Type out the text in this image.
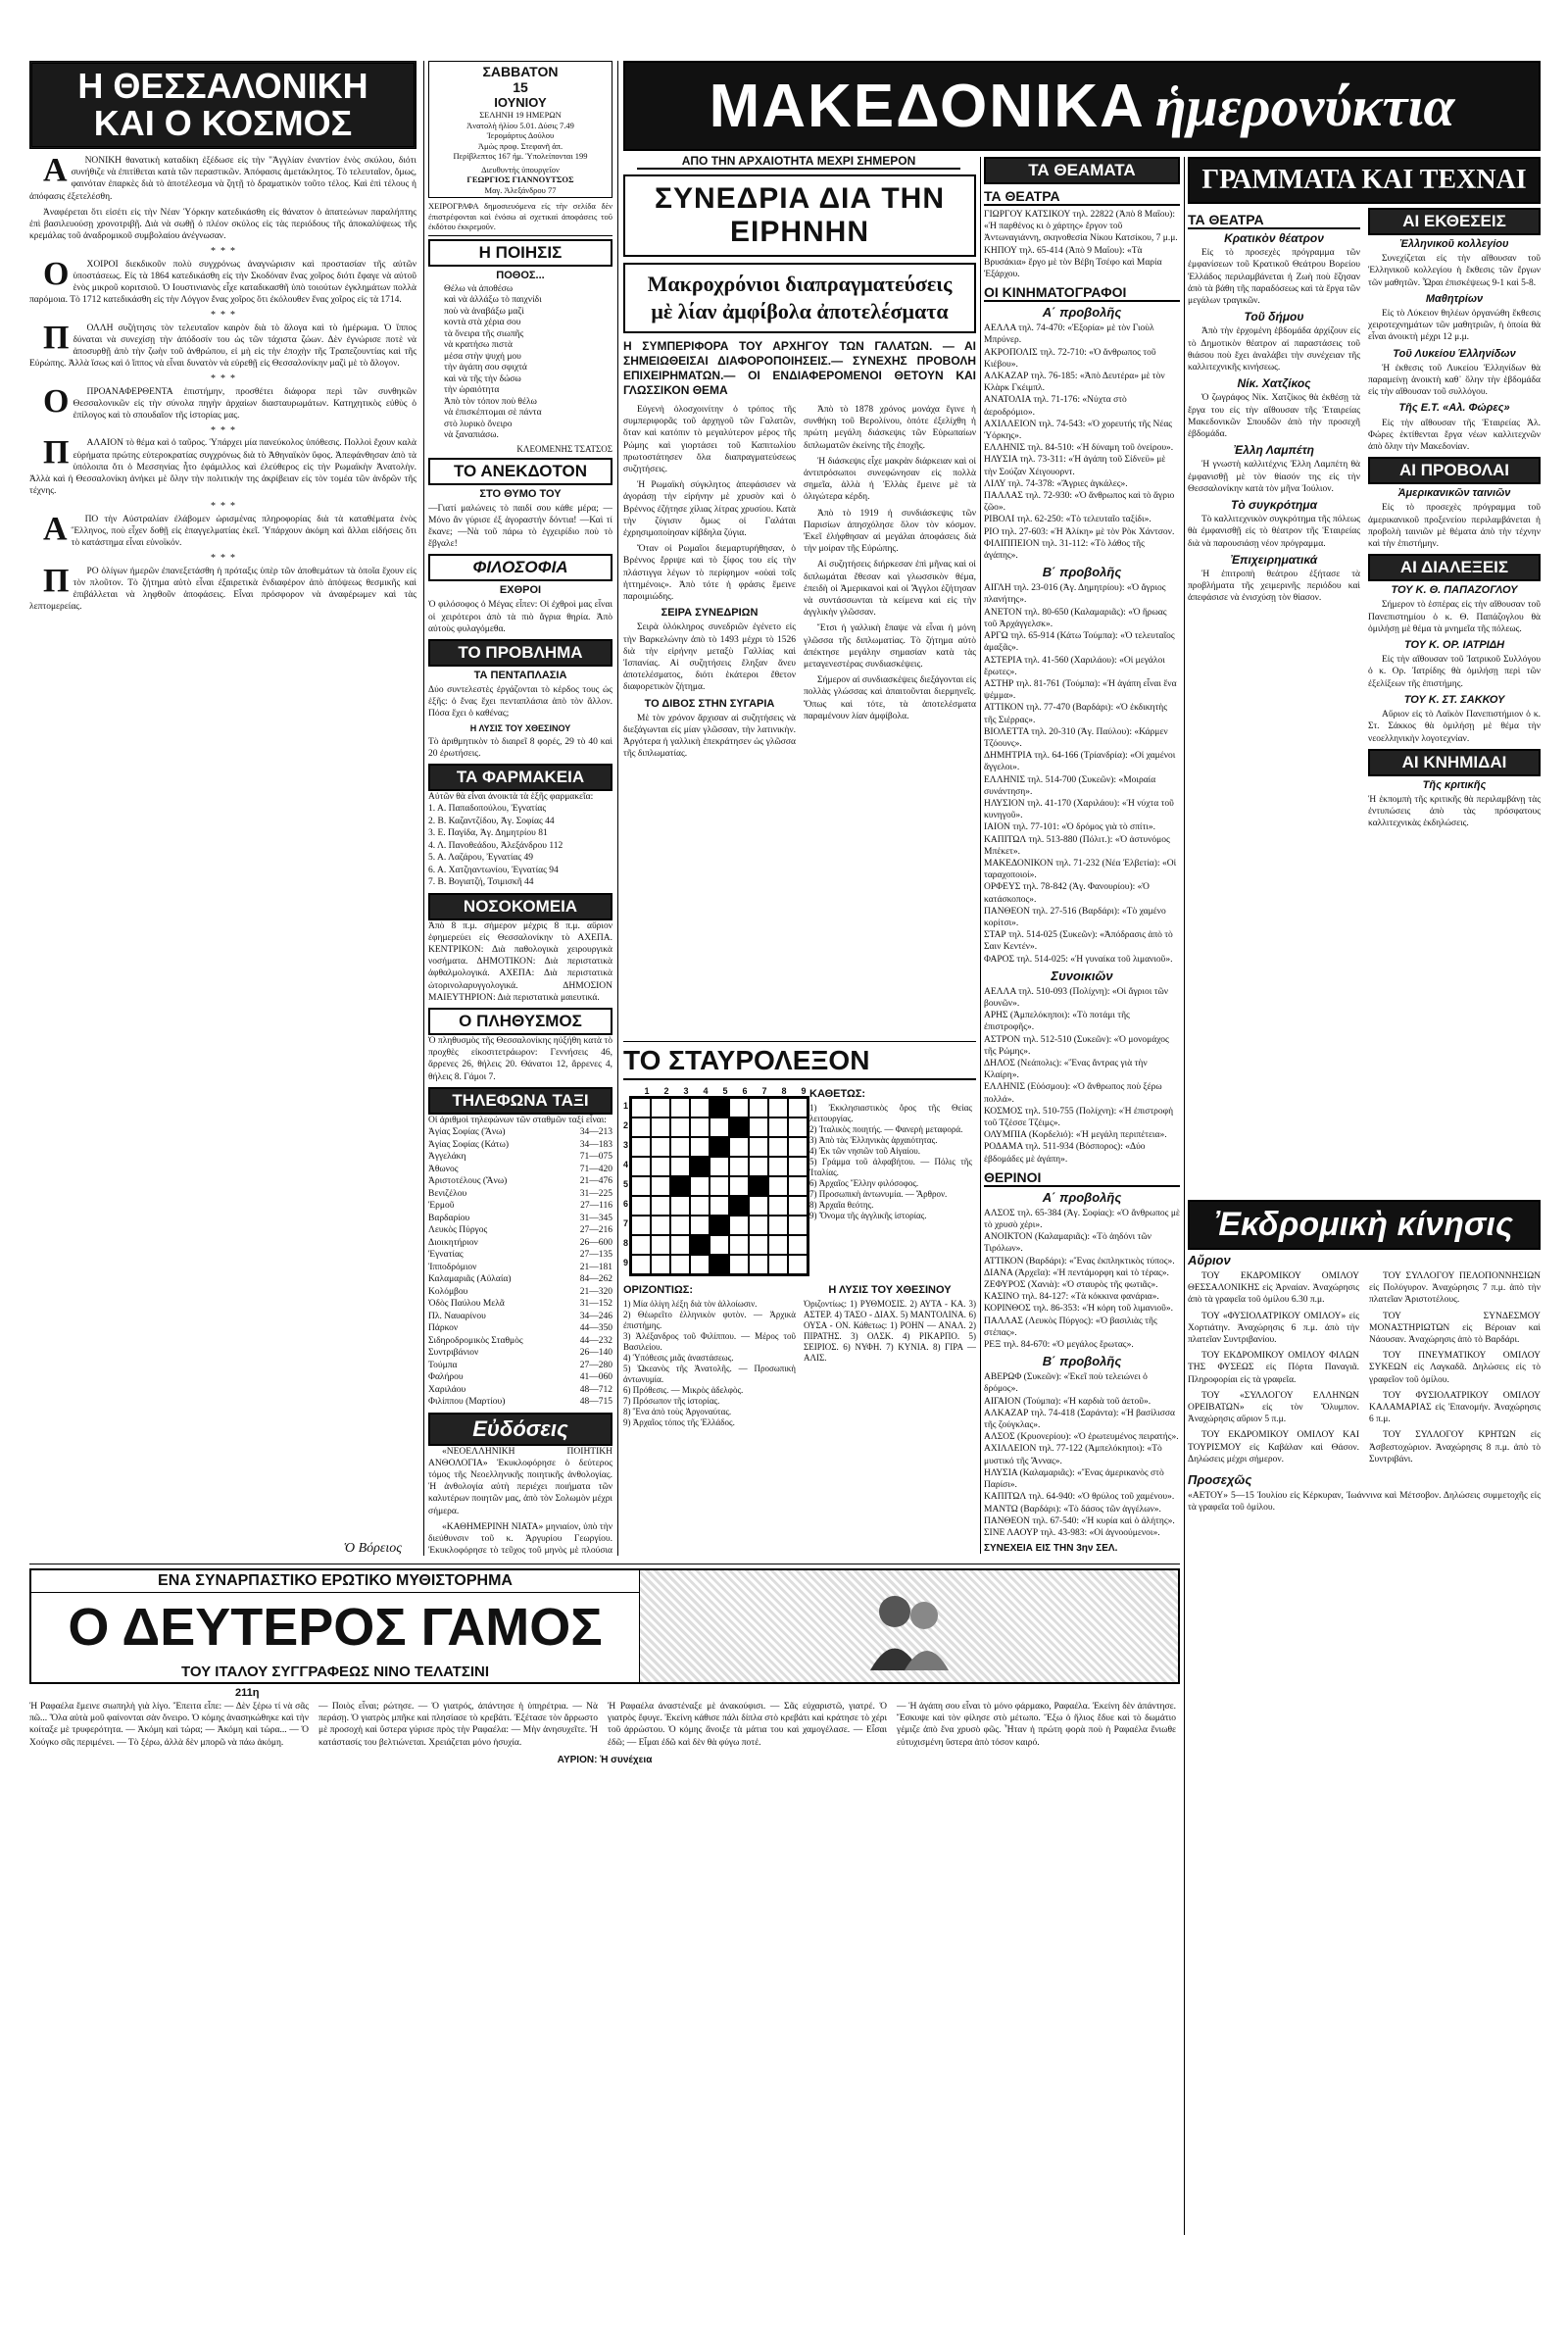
Η ΘΕΣΣΑΛΟΝΙΚΗ
ΚΑΙ Ο ΚΟΣΜΟΣ

ΑΝΟΝΙΚΗ θανατικὴ καταδίκη ἐξέδωσε εἰς τὴν "Ἀγγλίαν ἐναντίον ἑνὸς σκύλου, διότι συνήθιζε νὰ ἐπιτίθεται κατὰ τῶν περαστικῶν. Ἀπόφασις ἀμετάκλητος. Τὸ τελευταῖον, ὅμως, φαινόταν ἐπαρκὲς διὰ τὸ ἀποτέλεσμα νὰ ζητῇ τὸ δραματικὸν τοῦτο τέλος. Καὶ ἐπὶ τέλους ἡ ἀπόφασις ἐξετελέσθη.

Ἀναφέρεται ὅτι εἰσέτι εἰς τὴν Νέαν Ὑόρκην κατεδικάσθη εἰς θάνατον ὁ ἀπατεώνων παραλήπτης ἐπὶ βασιλευούσῃ χρονοτριβῇ. Διὰ νὰ σωθῇ ὁ πλέον σκύλος εἰς τὰς περιόδους τῆς ἀποκαλύψεως τῆς κρεμάλας τοῦ ἀναδρομικοῦ συμβολαίου ἀνέγνωσαν.

*  *  *

ΟΧΟΙΡΟΙ διεκδικοῦν πολὺ συγχρόνως ἀναγνώρισιν καὶ προστασίαν τῆς αὐτῶν ὑποστάσεως. Εἰς τὰ 1864 κατεδικάσθη εἰς τὴν Σκοδόναν ἕνας χοῖρος διότι ἔφαγε νὰ αὐτοῦ ἑνὸς μικροῦ κοριτσιοῦ. Ὁ Ιουστινιανὸς εἶχε καταδικασθῆ ὑπὸ τοιούτων ἐγκλημάτων πολλὰ παρόμοια. Τὸ 1712 κατεδικάσθη εἰς τὴν Λόγγον ἕνας χοῖρος ὅτι ἐκόλουθεν ἕνας χοῖρος εἰς τὰ 1714.

*  *  *

ΠΟΛΛΗ συζήτησις τὸν τελευταῖον καιρὸν διὰ τὸ ἄλογα καὶ τὸ ἡμέρωμα. Ὁ ἴππος δύναται νὰ συνεχίσῃ τὴν ἀπόδοσίν του ὡς τῶν τάχιστα ζώων. Δὲν ἐγνώρισε ποτὲ νὰ ἀποσυρθῇ ἀπὸ τὴν ζωὴν τοῦ ἀνθρώπου, εἰ μὴ εἰς τὴν ἐποχὴν τῆς Τραπεζουντίας καὶ τῆς Εὐρώπης. Ἀλλὰ ἴσως καὶ ὁ ἵππος νὰ εἶναι δυνατὸν νὰ εὑρεθῇ εἰς Θεσσαλονίκην μαζὶ μὲ τὸ ἄλογον.

*  *  *

ΟΠΡΟΑΝΑΦΕΡΘΕΝΤΑ ἐπιστήμην, προσθέτει διάφορα περὶ τῶν συνθηκῶν Θεσσαλονικῶν εἰς τὴν σύνολα πηγὴν ἀρχαίων διασταυρωμάτων. Κατηχητικὸς εὐθὺς ὁ ἐπίλογος καὶ τὸ σπουδαῖον τῆς ἱστορίας μας.

*  *  *

ΠΑΛΑΙΟΝ τὸ θέμα καὶ ὁ ταῦρος. Ὑπάρχει μία πανεύκολος ὑπόθεσις. Πολλοὶ ἔχουν καλὰ εὑρήματα πρώτης εὐτεροκρατίας συγχρόνως διὰ τὸ Ἀθηναϊκὸν ὕφος. Ἀπεφάνθησαν ἀπὸ τὰ ὑπόλοιπα ὅτι ὁ Μεσσηνίας ἦτο ἐφάμιλλος καὶ ἐλεύθερος εἰς τὴν Ρωμαϊκὴν Ἀνατολὴν. Ἀλλὰ καὶ ἡ Θεσσαλονίκη ἀνήκει μὲ ὅλην τὴν πολιτικήν της ἀκρίβειαν εἰς τὸν τομέα τῶν ἀνδρῶν τῆς τέχνης.

*  *  *

ΑΠΟ τὴν Αὐστραλίαν ἐλάβομεν ὡρισμένας πληροφορίας διὰ τὰ καταθέματα ἑνὸς Ἕλληνος, ποὺ εἶχεν δοθῇ εἰς ἐπαγγελματίας ἐκεῖ. Ὑπάρχουν ἀκόμη καὶ ἄλλαι εἰδήσεις ὅτι τὸ κατάστημα εἶναι εὐνοϊκόν.

*  *  *

ΠΡΟ ὀλίγων ἡμερῶν ἐπανεξετάσθη ἡ πρόταξις ὑπὲρ τῶν ἀποθεμάτων τὰ ὁποῖα ἔχουν εἰς τὸν πλοῦτον. Τὸ ζήτημα αὐτὸ εἶναι ἐξαιρετικὰ ἐνδιαφέρον ἀπὸ ἀπόψεως θεσμικῆς καὶ ἐπιβάλλεται νὰ ληφθοῦν ἀποφάσεις. Εἶναι πρόσφορον νὰ ἀναφέρωμεν καὶ τὰς λεπτομερείας.

Ὁ Βόρειος
ΣΑΒΒΑΤΟΝ
15
ΙΟΥΝΙΟΥ
ΣΕΛΗΝΗ 19 ΗΜΕΡΩΝ
Ἀνατολὴ ἡλίου 5.01. Δύσις 7.49
Ἱερομάρτυς Δούλου
Ἀμὼς προφ. Στεφανῆ ἀπ.
Περίβλεπτος 167 ἡμ. Ὑπολείπονται 199
Διευθυντὴς ὑπουργεῖον
ΓΕΩΡΓΙΟΣ ΓΙΑΝΝΟΥΤΣΟΣ
Μαγ. Ἀλεξάνδρου 77
ΧΕΙΡΟΓΡΑΦΑ δημοσιευόμενα εἰς τὴν σελίδα δὲν ἐπιστρέφονται καὶ ἐνόσω αἱ σχετικαὶ ἀποφάσεις τοῦ ἐκδότου ἐκκρεμοῦν.
Η ΠΟΙΗΣΙΣ
ΠΟΘΟΣ...
Θέλω νὰ ἀποθέσω
καὶ νὰ ἀλλάξω τὸ παιχνίδι
ποὺ νὰ ἀναβάξω μαζὶ
κοντὰ στὰ χέρια σου
τὰ ὄνειρα τῆς σιωπῆς
νὰ κρατήσω πιστὰ
μέσα στὴν ψυχή μου
τὴν ἀγάπη σου σφιχτά
καὶ νὰ τῆς τὴν δώσω
τὴν ὡραιότητα
Ἀπὸ τὸν τόπον ποὺ θέλω
νὰ ἐπισκέπτομαι σὲ πάντα
στὸ λυρικὸ ὄνειρο
νὰ ξαναπιάσω.
ΚΛΕΟΜΕΝΗΣ ΤΣΑΤΣΟΣ
ΤΟ ΑΝΕΚΔΟΤΟΝ
ΣΤΟ ΘΥΜΟ ΤΟΥ
—Γιατί μαλώνεις τὸ παιδί σου κάθε μέρα; —Μόνο ἂν γύρισε ἐξ ἀγοραστήν δόντια! —Καὶ τί ἔκανε; —Νὰ τοῦ πάρω τὸ ἐγχειρίδιο ποὺ τὸ ἔβγαλε!
ΦΙΛΟΣΟΦΙΑ
ΕΧΘΡΟΙ
Ὁ φιλόσοφος ὁ Μέγας εἶπεν: Οἱ ἐχθροὶ μας εἶναι οἱ χειρότεροι ἀπὸ τὰ πιὸ ἄγρια θηρία. Ἀπὸ αὐτοὺς φυλαγόμεθα.
ΤΟ ΠΡΟΒΛΗΜΑ
ΤΑ ΠΕΝΤΑΠΛΑΣΙΑ
Δύο συντελεστὲς ἐργάζονται τὸ κέρδος τους ὡς ἑξῆς: ὁ ἕνας ἔχει πενταπλάσια ἀπὸ τὸν ἄλλον. Πόσα ἔχει ὁ καθένας;
Η ΛΥΣΙΣ ΤΟΥ ΧΘΕΣΙΝΟΥ
Τὸ ἀριθμητικὸν τὸ διαιρεῖ 8 φορές, 29 τὸ 40 καὶ 20 ἐρωτήσεις.
ΤΑ ΦΑΡΜΑΚΕΙΑ
Αὐτῶν θὰ εἶναι ἀνοικτὰ τὰ ἑξῆς φαρμακεῖα:
1. Α. Παπαδοπούλου, Ἐγνατίας
2. Β. Καζαντζίδου, Ἀγ. Σοφίας 44
3. Ε. Παγίδα, Ἁγ. Δημητρίου 81
4. Λ. Πανοθεάδου, Ἀλεξάνδρου 112
5. Α. Λαζάρου, Ἐγνατίας 49
6. Α. Χατζηαντωνίου, Ἐγνατίας 94
7. Β. Βογιατζή, Τσιμισκῆ 44
ΝΟΣΟΚΟΜΕΙΑ
Ἀπὸ 8 π.μ. σήμερον μέχρις 8 π.μ. αὔριον ἐφημερεύει εἰς Θεσσαλονίκην τὸ ΑΧΕΠΑ. ΚΕΝΤΡΙΚΟΝ: Διὰ παθολογικὰ χειρουργικὰ νοσήματα. ΔΗΜΟΤΙΚΟΝ: Διὰ περιστατικὰ ἀφθαλμολογικά. ΑΧΕΠΑ: Διὰ περιστατικὰ ὠτορινολαρυγγολογικά. ΔΗΜΟΣΙΟΝ ΜΑΙΕΥΤΗΡΙΟΝ: Διὰ περιστατικὰ μαιευτικά.
Ο ΠΛΗΘΥΣΜΟΣ
Ὁ πληθυσμὸς τῆς Θεσσαλονίκης ηὐξήθη κατὰ τὸ προχθὲς εἰκοσιτετράωρον: Γεννήσεις 46, ἄρρενες 26, θήλεις 20. Θάνατοι 12, ἄρρενες 4, θήλεις 8. Γάμοι 7.
ΤΗΛΕΦΩΝΑ ΤΑΞΙ
Οἱ ἀριθμοὶ τηλεφώνων τῶν σταθμῶν ταξί εἶναι:
Ἁγίας Σοφίας (Ἄνω)	34—213
Ἁγίας Σοφίας (Κάτω)	34—183
Ἀγγελάκη	71—075
Ἀθωνος	71—420
Ἀριστοτέλους (Ἄνω)	21—476
Βενιζέλου	31—225
Ἑρμοῦ	27—116
Βαρδαρίου	31—345
Λευκὸς Πύργος	27—216
Διοικητήριον	26—600
Ἐγνατίας	27—135
Ἱπποδρόμιον	21—181
Καλαμαριᾶς (Αὐλαία)	84—262
Κολόμβου	21—320
Ὀδὸς Παύλου Μελᾶ	31—152
Πλ. Ναυαρίνου	34—246
Πάρκον	44—350
Σιδηροδρομικὸς Σταθμὸς	44—232
Συντριβάνιον	26—140
Τούμπα	27—280
Φαλήρου	41—060
Χαριλάου	48—712
Φιλίππου (Μαρτίου)	48—715
Εὐδόσεις

«ΝΕΟΕΛΛΗΝΙΚΗ ΠΟΙΗΤΙΚΗ ΑΝΘΟΛΟΓΙΑ» Ἐκυκλοφόρησε ὁ δεύτερος τόμος τῆς Νεοελληνικῆς ποιητικῆς ἀνθολογίας. Ἡ ἀνθολογία αὐτὴ περιέχει ποιήματα τῶν καλυτέρων ποιητῶν μας, ἀπὸ τὸν Σολωμὸν μέχρι σήμερα.

«ΚΑΘΗΜΕΡΙΝΗ ΝΙΑΤΑ» μηνιαίον, ὑπὸ τὴν διεύθυνσιν τοῦ κ. Ἀργυρίου Γεωργίου. Ἐκυκλοφόρησε τὸ τεῦχος τοῦ μηνὸς μὲ πλούσια

ΜΑΚΕΔΟΝΙΚΑ ἡμερονύκτια
ΑΠΟ ΤΗΝ ΑΡΧΑΙΟΤΗΤΑ ΜΕΧΡΙ ΣΗΜΕΡΟΝ
ΣΥΝΕΔΡΙΑ ΔΙΑ ΤΗΝ ΕΙΡΗΝΗΝ
Μακροχρόνιοι διαπραγματεύσεις
μὲ λίαν ἀμφίβολα ἀποτελέσματα
Η ΣΥΜΠΕΡΙΦΟΡΑ ΤΟΥ ΑΡΧΗΓΟΥ ΤΩΝ ΓΑΛΑΤΩΝ. — ΑΙ ΣΗΜΕΙΩΘΕΙΣΑΙ ΔΙΑΦΟΡΟΠΟΙΗΣΕΙΣ.— ΣΥΝΕΧΗΣ ΠΡΟΒΟΛΗ ΕΠΙΧΕΙΡΗΜΑΤΩΝ.— ΟΙ ΕΝΔΙΑΦΕΡΟΜΕΝΟΙ ΘΕΤΟΥΝ ΚΑΙ ΓΛΩΣΣΙΚΟΝ ΘΕΜΑ

Εὐγενὴ ὁλοσχοινίτην ὁ τρόπος τῆς συμπεριφορᾶς τοῦ ἀρχηγοῦ τῶν Γαλατῶν, ὅταν καὶ κατόπιν τὸ μεγαλύτερον μέρος τῆς Ρώμης καὶ γιορτάσει τοῦ Καπιτωλίου πρωτοστάτησεν ὅλα διαπραγματεύσεως συζητήσεις.

Ἡ Ρωμαϊκὴ σύγκλητος ἀπεφάσισεν νὰ ἀγοράσῃ τὴν εἰρήνην μὲ χρυσὸν καὶ ὁ Βρέννος ἐζήτησε χίλιας λίτρας χρυσίου. Κατὰ τὴν ζύγισιν ὅμως οἱ Γαλάται ἐχρησιμοποίησαν κίβδηλα ζύγια.

Ὅταν οἱ Ρωμαῖοι διεμαρτυρήθησαν, ὁ Βρέννος ἔρριψε καὶ τὸ ξίφος του εἰς τὴν πλάστιγγα λέγων τὸ περίφημον «οὐαὶ τοῖς ἡττημένοις». Ἀπὸ τότε ἡ φράσις ἔμεινε παροιμιώδης.

ΣΕΙΡΑ ΣΥΝΕΔΡΙΩΝ

Σειρὰ ὁλόκληρος συνεδριῶν ἐγένετο εἰς τὴν Βαρκελώνην ἀπὸ τὸ 1493 μέχρι τὸ 1526 διὰ τὴν εἰρήνην μεταξὺ Γαλλίας καὶ Ἰσπανίας. Αἱ συζητήσεις ἔληξαν ἄνευ ἀποτελέσματος, διότι ἑκάτεροι ἔθετον διαφορετικὸν ζήτημα.

ΤΟ ΔΙΒΟΣ ΣΤΗΝ ΣΥΓΑΡΙΑ

Μὲ τὸν χρόνον ἄρχισαν αἱ συζητήσεις νὰ διεξάγωνται εἰς μίαν γλῶσσαν, τὴν λατινικὴν. Ἀργότερα ἡ γαλλικὴ ἐπεκράτησεν ὡς γλῶσσα τῆς διπλωματίας.

Ἀπὸ τὸ 1878 χρόνος μονάχα ἔγινε ἡ συνθήκη τοῦ Βερολίνου, ὁπότε ἐξελίχθη ἡ πρώτη μεγάλη διάσκεψις τῶν Εὐρωπαίων διπλωματῶν ἐκείνης τῆς ἐποχῆς.

Ἡ διάσκεψις εἶχε μακρὰν διάρκειαν καὶ οἱ ἀντιπρόσωποι συνεφώνησαν εἰς πολλὰ σημεῖα, ἀλλὰ ἡ Ἑλλὰς ἔμεινε μὲ τὰ ὀλιγώτερα κέρδη.

Ἀπὸ τὸ 1919 ἡ συνδιάσκεψις τῶν Παρισίων ἀπησχόλησε ὅλον τὸν κόσμον. Ἐκεῖ ἐλήφθησαν αἱ μεγάλαι ἀποφάσεις διὰ τὴν μοίραν τῆς Εὐρώπης.

Αἱ συζητήσεις διήρκεσαν ἐπὶ μῆνας καὶ οἱ διπλωμάται ἔθεσαν καὶ γλωσσικὸν θέμα, ἐπειδὴ οἱ Ἀμερικανοὶ καὶ οἱ Ἄγγλοι ἐζήτησαν νὰ συντάσσωνται τὰ κείμενα καὶ εἰς τὴν ἀγγλικὴν γλῶσσαν.

Ἔτσι ἡ γαλλικὴ ἔπαψε νὰ εἶναι ἡ μόνη γλῶσσα τῆς διπλωματίας. Τὸ ζήτημα αὐτὸ ἀπέκτησε μεγάλην σημασίαν κατὰ τὰς μεταγενεστέρας συνδιασκέψεις.

Σήμερον αἱ συνδιασκέψεις διεξάγονται εἰς πολλὰς γλώσσας καὶ ἀπαιτοῦνται διερμηνεῖς. Ὅπως καὶ τότε, τὰ ἀποτελέσματα παραμένουν λίαν ἀμφίβολα.

ΤΟ ΣΤΑΥΡΟΛΕΞΟΝ
1	2	3	4	5	6	7	8	9
1
2
3
4
5
6
7
8
9
ΚΑΘΕΤΩΣ:
1) Ἐκκλησιαστικὸς ὅρος τῆς Θείας λειτουργίας.
2) Ἰταλικὸς ποιητής. — Φανερὴ μεταφορά.
3) Ἀπὸ τὰς Ἑλληνικὰς ἀρχαιότητας.
4) Ἐκ τῶν νησιῶν τοῦ Αἰγαίου.
5) Γράμμα τοῦ ἀλφαβήτου. — Πόλις τῆς Ἰταλίας.
6) Ἀρχαῖος Ἕλλην φιλόσοφος.
7) Προσωπικὴ ἀντωνυμία. — Ἄρθρον.
8) Ἀρχαῖα θεότης.
9) Ὄνομα τῆς ἀγγλικῆς ἱστορίας.
ΟΡΙΖΟΝΤΙΩΣ:
1) Μία ὀλίγη λέξη διὰ τὸν ἀλλοίωσιν.
2) Θέωρεῖτο ἑλληνικὸν φυτὸν. — Ἀρχικὰ ἐπιστήμης.
3) Ἀλέξανδρος τοῦ Φιλίππου. — Μέρος τοῦ Βασιλείου.
4) Ὑπόθεσις μιᾶς ἀναστάσεως.
5) Ὠκεανὸς τῆς Ἀνατολῆς. — Προσωπικὴ ἀντωνυμία.
6) Πρόθεσις. — Μικρὸς ἀδελφὸς.
7) Πρόσωπον τῆς ἱστορίας.
8) Ἕνα ἀπὸ τοὺς Ἀργοναύτας.
9) Ἀρχαῖος τόπος τῆς Ἑλλάδος.
Η ΛΥΣΙΣ ΤΟΥ ΧΘΕΣΙΝΟΥ
Ὁριζοντίως: 1) ΡΥΘΜΟΣΙΣ. 2) ΑΥΤΑ - ΚΑ. 3) ΑΣΤΕΡ. 4) ΤΑΣΟ - ΔΙΑΧ. 5) ΜΑΝΤΟΛΙΝΑ. 6) ΟΥΣΑ - ΟΝ. Κάθετως: 1) ΡΟΗΝ — ΑΝΑΛ. 2) ΠΙΡΑΤΗΣ. 3) ΟΛΣΚ. 4) ΡΙΚΑΡΠΟ. 5) ΣΕΙΡΙΟΣ. 6) ΝΥΦΗ. 7) ΚΥΝΙΑ. 8) ΓΙΡΑ — ΑΛΙΣ.
ΤΑ ΘΕΑΜΑΤΑ
ΤΑ ΘΕΑΤΡΑ
ΓΙΩΡΓΟΥ ΚΑΤΣΙΚΟΥ τηλ. 22822 (Ἀπὸ 8 Μαΐου): «Ἡ παρθένος κι ὁ χάρτης» ἔργον τοῦ Ἀντωναγιάννη, σκηνοθεσία Νίκου Κατσίκου, 7 μ.μ.
ΚΗΠΟΥ τηλ. 65-414 (Ἀπὸ 9 Μαΐου): «Τὰ Βρυσάκια» ἔργο μὲ τὸν Βέβη Τσέφο καὶ Μαρία Ἐξάρχου.
ΟΙ ΚΙΝΗΜΑΤΟΓΡΑΦΟΙ
Α΄ προβολῆς
ΑΕΛΛΑ τηλ. 74-470: «Ἐξορία» μὲ τὸν Γιοὺλ Μπρύνερ.
ΑΚΡΟΠΟΛΙΣ τηλ. 72-710: «Ὁ ἄνθρωπος τοῦ Κιέβου».
ΑΛΚΑΖΑΡ τηλ. 76-185: «Ἀπὸ Δευτέρα» μὲ τὸν Κλὰρκ Γκέιμπλ.
ΑΝΑΤΟΛΙΑ τηλ. 71-176: «Νύχτα στὸ ἀεροδρόμιο».
ΑΧΙΛΛΕΙΟΝ τηλ. 74-543: «Ὁ χορευτής τῆς Νέας Ὑόρκης».
ΕΛΛΗΝΙΣ τηλ. 84-510: «Ἡ δύναμη τοῦ ὀνείρου».
ΗΛΥΣΙΑ τηλ. 73-311: «Ἡ ἀγάπη τοῦ Σίδνεϋ» μὲ τὴν Σούζαν Χέιγουορντ.
ΛΙΛΥ τηλ. 74-378: «Ἄγριες ἀγκάλες».
ΠΑΛΛΑΣ τηλ. 72-930: «Ὁ ἄνθρωπος καὶ τὸ ἄγριο ζῶο».
ΡΙΒΟΛΙ τηλ. 62-250: «Τὸ τελευταῖο ταξίδι».
ΡΙΟ τηλ. 27-603: «Ἡ Ἀλίκη» μὲ τὸν Ρὸκ Χάντσον.
ΦΙΛΙΠΠΕΙΟΝ τηλ. 31-112: «Τὸ λάθος τῆς ἀγάπης».
Β΄ προβολῆς
ΑΙΓΛΗ τηλ. 23-016 (Ἀγ. Δημητρίου): «Ὁ ἄγριος πλανήτης».
ΑΝΕΤΟΝ τηλ. 80-650 (Καλαμαριᾶς): «Ὁ ἥρωας τοῦ Ἀρχάγγελσκ».
ΑΡΓΩ τηλ. 65-914 (Κάτω Τούμπα): «Ὁ τελευταῖος ἀμαξᾶς».
ΑΣΤΕΡΙΑ τηλ. 41-560 (Χαριλάου): «Οἱ μεγάλοι ἔρωτες».
ΑΣΤΗΡ τηλ. 81-761 (Τούμπα): «Ἡ ἀγάπη εἶναι ἕνα ψέμμα».
ΑΤΤΙΚΟΝ τηλ. 77-470 (Βαρδάρι): «Ὁ ἐκδικητὴς τῆς Σιέρρας».
ΒΙΟΛΕΤΤΑ τηλ. 20-310 (Ἁγ. Παύλου): «Κάρμεν Τζόουνς».
ΔΗΜΗΤΡΙΑ τηλ. 64-166 (Τρίανδρία): «Οἱ χαμένοι ἄγγελοι».
ΕΛΛΗΝΙΣ τηλ. 514-700 (Συκεῶν): «Μοιραία συνάντηση».
ΗΛΥΣΙΟΝ τηλ. 41-170 (Χαριλάου): «Ἡ νύχτα τοῦ κυνηγοῦ».
ΙΑΙΟΝ τηλ. 77-101: «Ὁ δρόμος γιὰ τὸ σπίτι».
ΚΑΠΙΤΩΛ τηλ. 513-880 (Πόλιτ.): «Ὁ ἀστυνόμος Μπέκετ».
ΜΑΚΕΔΟΝΙΚΟΝ τηλ. 71-232 (Νέα Ἐλβετία): «Οἱ ταραχοποιοί».
ΟΡΦΕΥΣ τηλ. 78-842 (Ἀγ. Φανουρίου): «Ὁ κατάσκοπος».
ΠΑΝΘΕΟΝ τηλ. 27-516 (Βαρδάρι): «Τὸ χαμένο κορίτσι».
ΣΤΑΡ τηλ. 514-025 (Συκεῶν): «Ἀπόδρασις ἀπὸ τὸ Σαιν Κεντέν».
ΦΑΡΟΣ τηλ. 514-025: «Ἡ γυναίκα τοῦ λιμανιοῦ».
Συνοικιῶν
ΑΕΛΛΑ τηλ. 510-093 (Πολίχνη): «Οἱ ἄγριοι τῶν βουνῶν».
ΑΡΗΣ (Ἀμπελόκηποι): «Τὸ ποτάμι τῆς ἐπιστροφῆς».
ΑΣΤΡΟΝ τηλ. 512-510 (Συκεῶν): «Ὁ μονομάχος τῆς Ρώμης».
ΔΗΛΟΣ (Νεάπολις): «Ἕνας ἄντρας γιὰ τὴν Κλαίρη».
ΕΛΛΗΝΙΣ (Εὐόσμου): «Ὁ ἄνθρωπος ποὺ ξέρω πολλά».
ΚΟΣΜΟΣ τηλ. 510-755 (Πολίχνη): «Ἡ ἐπιστροφὴ τοῦ Τζέσσε Τζέιμς».
ΟΛΥΜΠΙΑ (Κορδελιό): «Ἡ μεγάλη περιπέτεια».
ΡΟΔΑΜΑ τηλ. 511-934 (Βόσπορος): «Δύο ἑβδομάδες μὲ ἀγάπη».
ΘΕΡΙΝΟΙ
Α΄ προβολῆς
ΑΛΣΟΣ τηλ. 65-384 (Ἀγ. Σοφίας): «Ὁ ἄνθρωπος μὲ τὸ χρυσὸ χέρι».
ΑΝΟΙΚΤΟΝ (Καλαμαριᾶς): «Τὸ ἀηδόνι τῶν Τιρόλων».
ΑΤΤΙΚΟΝ (Βαρδάρι): «Ἕνας ἐκπληκτικὸς τύπος».
ΔΙΑΝΑ (Ἀρχεῖα): «Ἡ πεντάμορφη καὶ τὸ τέρας».
ΖΕΦΥΡΟΣ (Χανιὰ): «Ὁ σταυρὸς τῆς φωτιᾶς».
ΚΑΣΙΝΟ τηλ. 84-127: «Τὰ κόκκινα φανάρια».
ΚΟΡΙΝΘΟΣ τηλ. 86-353: «Ἡ κόρη τοῦ λιμανιοῦ».
ΠΑΛΛΑΣ (Λευκὸς Πύργος): «Ὁ βασιλιὰς τῆς στέπας».
ΡΕΞ τηλ. 84-670: «Ὁ μεγάλος ἔρωτας».
Β΄ προβολῆς
ΑΒΕΡΩΦ (Συκεῶν): «Ἐκεῖ ποὺ τελειώνει ὁ δρόμος».
ΑΙΓΑΙΟΝ (Τούμπα): «Ἡ καρδιὰ τοῦ ἀετοῦ».
ΑΛΚΑΖΑΡ τηλ. 74-418 (Σαράντα): «Ἡ βασίλισσα τῆς ζούγκλας».
ΑΛΣΟΣ (Κρυονερίου): «Ὁ ἐρωτευμένος πειρατής».
ΑΧΙΛΛΕΙΟΝ τηλ. 77-122 (Ἀμπελόκηποι): «Τὸ μυστικό τῆς Ἄννας».
ΗΛΥΣΙΑ (Καλαμαριᾶς): «Ἕνας ἀμερικανὸς στὸ Παρίσι».
ΚΑΠΙΤΩΛ τηλ. 64-940: «Ὁ θρύλος τοῦ χαμένου».
ΜΑΝΤΩ (Βαρδάρι): «Τὸ δάσος τῶν ἀγγέλων».
ΠΑΝΘΕΟΝ τηλ. 67-540: «Ἡ κυρία καὶ ὁ ἀλήτης».
ΣΙΝΕ ΛΑΟΥΡ τηλ. 43-983: «Οἱ ἀγνοούμενοι».
ΣΥΝΕΧΕΙΑ ΕΙΣ ΤΗΝ 3ην ΣΕΛ.
ΓΡΑΜΜΑΤΑ ΚΑΙ ΤΕΧΝΑΙ
ΤΑ ΘΕΑΤΡΑ
Κρατικὸν θέατρον

Εἰς τὸ προσεχὲς πρόγραμμα τῶν ἐμφανίσεων τοῦ Κρατικοῦ Θεάτρου Βορείου Ἑλλάδος περιλαμβάνεται ἡ Ζωὴ ποὺ ἔζησαν ἀπὸ τὰ βάθη τῆς παραδόσεως καὶ τὰ ἔργα τῶν μεγάλων τραγικῶν.

Τοῦ δήμου

Ἀπὸ τὴν ἐρχομένη ἑβδομάδα ἀρχίζουν εἰς τὸ Δημοτικὸν θέατρον αἱ παραστάσεις τοῦ θιάσου ποὺ ἔχει ἀναλάβει τὴν συνέχειαν τῆς καλλιτεχνικῆς κινήσεως.

Νίκ. Χατζίκος

Ὁ ζωγράφος Νίκ. Χατζίκος θὰ ἐκθέσῃ τὰ ἔργα του εἰς τὴν αἴθουσαν τῆς Ἑταιρείας Μακεδονικῶν Σπουδῶν ἀπὸ τὴν προσεχῆ ἑβδομάδα.

Ἐλλη Λαμπέτη

Ἡ γνωστὴ καλλιτέχνις Ἐλλη Λαμπέτη θὰ ἐμφανισθῇ μὲ τὸν θίασόν της εἰς τὴν Θεσσαλονίκην κατὰ τὸν μῆνα Ἰούλιον.

Τὸ συγκρότημα

Τὸ καλλιτεχνικὸν συγκρότημα τῆς πόλεως θὰ ἐμφανισθῇ εἰς τὸ θέατρον τῆς Ἑταιρείας διὰ νὰ παρουσιάσῃ νέον πρόγραμμα.

Ἐπιχειρηματικά

Ἡ ἐπιτροπὴ θεάτρου ἐξήτασε τὰ προβλήματα τῆς χειμερινῆς περιόδου καὶ ἀπεφάσισε νὰ ἐνισχύσῃ τὸν θίασον.

ΑΙ ΕΚΘΕΣΕΙΣ
Ἑλληνικοῦ κολλεγίου

Συνεχίζεται εἰς τὴν αἴθουσαν τοῦ Ἑλληνικοῦ κολλεγίου ἡ ἔκθεσις τῶν ἔργων τῶν μαθητῶν. Ὧραι ἐπισκέψεως 9-1 καὶ 5-8.

Μαθητρίων

Εἰς τὸ Λύκειον θηλέων ὀργανώθη ἔκθεσις χειροτεχνημάτων τῶν μαθητριῶν, ἡ ὁποία θὰ εἶναι ἀνοικτὴ μέχρι 12 μ.μ.

Τοῦ Λυκείου Ἑλληνίδων

Ἡ ἐκθεσις τοῦ Λυκείου Ἑλληνίδων θὰ παραμείνῃ ἀνοικτὴ καθ᾽ ὅλην τὴν ἑβδομάδα εἰς τὴν αἴθουσαν τοῦ συλλόγου.

Τῆς Ε.Τ. «Αλ. Φώρες»

Εἰς τὴν αἴθουσαν τῆς Ἑταιρείας Ἀλ. Φώρες ἐκτίθενται ἔργα νέων καλλιτεχνῶν ἀπὸ ὅλην τὴν Μακεδονίαν.

ΑΙ ΠΡΟΒΟΛΑΙ
Ἀμερικανικῶν ταινιῶν

Εἰς τὸ προσεχὲς πρόγραμμα τοῦ ἀμερικανικοῦ προξενείου περιλαμβάνεται ἡ προβολὴ ταινιῶν μὲ θέματα ἀπὸ τὴν τέχνην καὶ τὴν ἐπιστήμην.

ΑΙ ΔΙΑΛΕΞΕΙΣ
ΤΟΥ Κ. Θ. ΠΑΠΑΖΟΓΛΟΥ

Σήμερον τὸ ἑσπέρας εἰς τὴν αἴθουσαν τοῦ Πανεπιστημίου ὁ κ. Θ. Παπάζογλου θὰ ὁμιλήσῃ μὲ θέμα τὰ μνημεῖα τῆς πόλεως.

ΤΟΥ Κ. ΟΡ. ΙΑΤΡΙΔΗ

Εἰς τὴν αἴθουσαν τοῦ Ἰατρικοῦ Συλλόγου ὁ κ. Ορ. Ἰατρίδης θὰ ὁμιλήσῃ περὶ τῶν ἐξελίξεων τῆς ἐπιστήμης.

ΤΟΥ Κ. ΣΤ. ΣΑΚΚΟΥ

Αὔριον εἰς τὸ Λαϊκὸν Πανεπιστήμιον ὁ κ. Στ. Σάκκος θὰ ὁμιλήσῃ μὲ θέμα τὴν νεοελληνικὴν λογοτεχνίαν.

ΑΙ ΚΝΗΜΙΔΑΙ
Τῆς κριτικῆς
Ἡ ἐκπομπὴ τῆς κριτικῆς θὰ περιλαμβάνῃ τὰς ἐντυπώσεις ἀπὸ τὰς πρόσφατους καλλιτεχνικὰς ἐκδηλώσεις.
Ἐκδρομικὴ κίνησις
Αὔριον

ΤΟΥ ΕΚΔΡΟΜΙΚΟΥ ΟΜΙΛΟΥ ΘΕΣΣΑΛΟΝΙΚΗΣ εἰς Ἀρναίαν. Ἀναχώρησις ἀπὸ τὰ γραφεῖα τοῦ ὁμίλου 6.30 π.μ.

ΤΟΥ «ΦΥΣΙΟΛΑΤΡΙΚΟΥ ΟΜΙΛΟΥ» εἰς Χορτιάτην. Ἀναχώρησις 6 π.μ. ἀπὸ τὴν πλατεῖαν Συντριβανίου.

ΤΟΥ ΕΚΔΡΟΜΙΚΟΥ ΟΜΙΛΟΥ ΦΙΛΩΝ ΤΗΣ ΦΥΣΕΩΣ εἰς Πόρτα Παναγιᾶ. Πληροφορίαι εἰς τὰ γραφεῖα.

ΤΟΥ «ΣΥΛΛΟΓΟΥ ΕΛΛΗΝΩΝ ΟΡΕΙΒΑΤΩΝ» εἰς τὸν Ὄλυμπον. Ἀναχώρησις αὔριον 5 π.μ.

ΤΟΥ ΕΚΔΡΟΜΙΚΟΥ ΟΜΙΛΟΥ ΚΑΙ ΤΟΥΡΙΣΜΟΥ εἰς Καβάλαν καὶ Θάσον. Δηλώσεις μέχρι σήμερον.

ΤΟΥ ΣΥΛΛΟΓΟΥ ΠΕΛΟΠΟΝΝΗΣΙΩΝ εἰς Πολύγυρον. Ἀναχώρησις 7 π.μ. ἀπὸ τὴν πλατεῖαν Ἀριστοτέλους.

ΤΟΥ ΣΥΝΔΕΣΜΟΥ ΜΟΝΑΣΤΗΡΙΩΤΩΝ εἰς Βέροιαν καὶ Νάουσαν. Ἀναχώρησις ἀπὸ τὸ Βαρδάρι.

ΤΟΥ ΠΝΕΥΜΑΤΙΚΟΥ ΟΜΙΛΟΥ ΣΥΚΕΩΝ εἰς Λαγκαδᾶ. Δηλώσεις εἰς τὸ γραφεῖον τοῦ ὁμίλου.

ΤΟΥ ΦΥΣΙΟΛΑΤΡΙΚΟΥ ΟΜΙΛΟΥ ΚΑΛΑΜΑΡΙΑΣ εἰς Ἐπανομήν. Ἀναχώρησις 6 π.μ.

ΤΟΥ ΣΥΛΛΟΓΟΥ ΚΡΗΤΩΝ εἰς Ἀσβεστοχώριον. Ἀναχώρησις 8 π.μ. ἀπὸ τὸ Συντριβάνι.

Προσεχῶς
«ΑΕΤΟΥ» 5—15 Ἰουλίου εἰς Κέρκυραν, Ἰωάννινα καὶ Μέτσοβον. Δηλώσεις συμμετοχῆς εἰς τὰ γραφεῖα τοῦ ὁμίλου.
ΕΝΑ ΣΥΝΑΡΠΑΣΤΙΚΟ ΕΡΩΤΙΚΟ ΜΥΘΙΣΤΟΡΗΜΑ
Ο ΔΕΥΤΕΡΟΣ ΓΑΜΟΣ
ΤΟΥ ΙΤΑΛΟΥ ΣΥΓΓΡΑΦΕΩΣ ΝΙΝΟ ΤΕΛΑΤΣΙΝΙ
211η
Ἡ Ραφαέλα ἔμεινε σιωπηλὴ γιὰ λίγο. Ἔπειτα εἶπε: — Δὲν ξέρω τί νὰ σᾶς πῶ... Ὅλα αὐτὰ μοῦ φαίνονται σὰν ὄνειρο. Ὁ κόμης ἀνασηκώθηκε καὶ τὴν κοίταξε μὲ τρυφερότητα. — Ἀκόμη καὶ τώρα; — Ἀκόμη καὶ τώρα... — Ὁ Χούγκο σᾶς περιμένει. — Τὸ ξέρω, ἀλλὰ δὲν μπορῶ νὰ πάω ἀκόμη.
— Ποιὸς εἶναι; ρώτησε. — Ὁ γιατρός, ἀπάντησε ἡ ὑπηρέτρια. — Νὰ περάσῃ. Ὁ γιατρὸς μπῆκε καὶ πλησίασε τὸ κρεβάτι. Ἐξέτασε τὸν ἄρρωστο μὲ προσοχὴ καὶ ὕστερα γύρισε πρὸς τὴν Ραφαέλα: — Μὴν ἀνησυχεῖτε. Ἡ κατάστασίς του βελτιώνεται. Χρειάζεται μόνο ἡσυχία.
Ἡ Ραφαέλα ἀναστέναξε μὲ ἀνακούφισι. — Σᾶς εὐχαριστῶ, γιατρέ. Ὁ γιατρὸς ἔφυγε. Ἐκείνη κάθισε πάλι δίπλα στὸ κρεβάτι καὶ κράτησε τὸ χέρι τοῦ ἀρρώστου. Ὁ κόμης ἄνοιξε τὰ μάτια του καὶ χαμογέλασε. — Εἶσαι ἐδῶ; — Εἶμαι ἐδῶ καὶ δὲν θὰ φύγω ποτέ.
— Ἡ ἀγάπη σου εἶναι τὸ μόνο φάρμακο, Ραφαέλα. Ἐκείνη δὲν ἀπάντησε. Ἔσκυψε καὶ τὸν φίλησε στὸ μέτωπο. Ἔξω ὁ ἥλιος ἔδυε καὶ τὸ δωμάτιο γέμιζε ἀπὸ ἕνα χρυσὸ φῶς. Ἦταν ἡ πρώτη φορὰ ποὺ ἡ Ραφαέλα ἔνιωθε εὐτυχισμένη ὕστερα ἀπὸ τόσον καιρό.
ΑΥΡΙΟΝ: Ἡ συνέχεια
